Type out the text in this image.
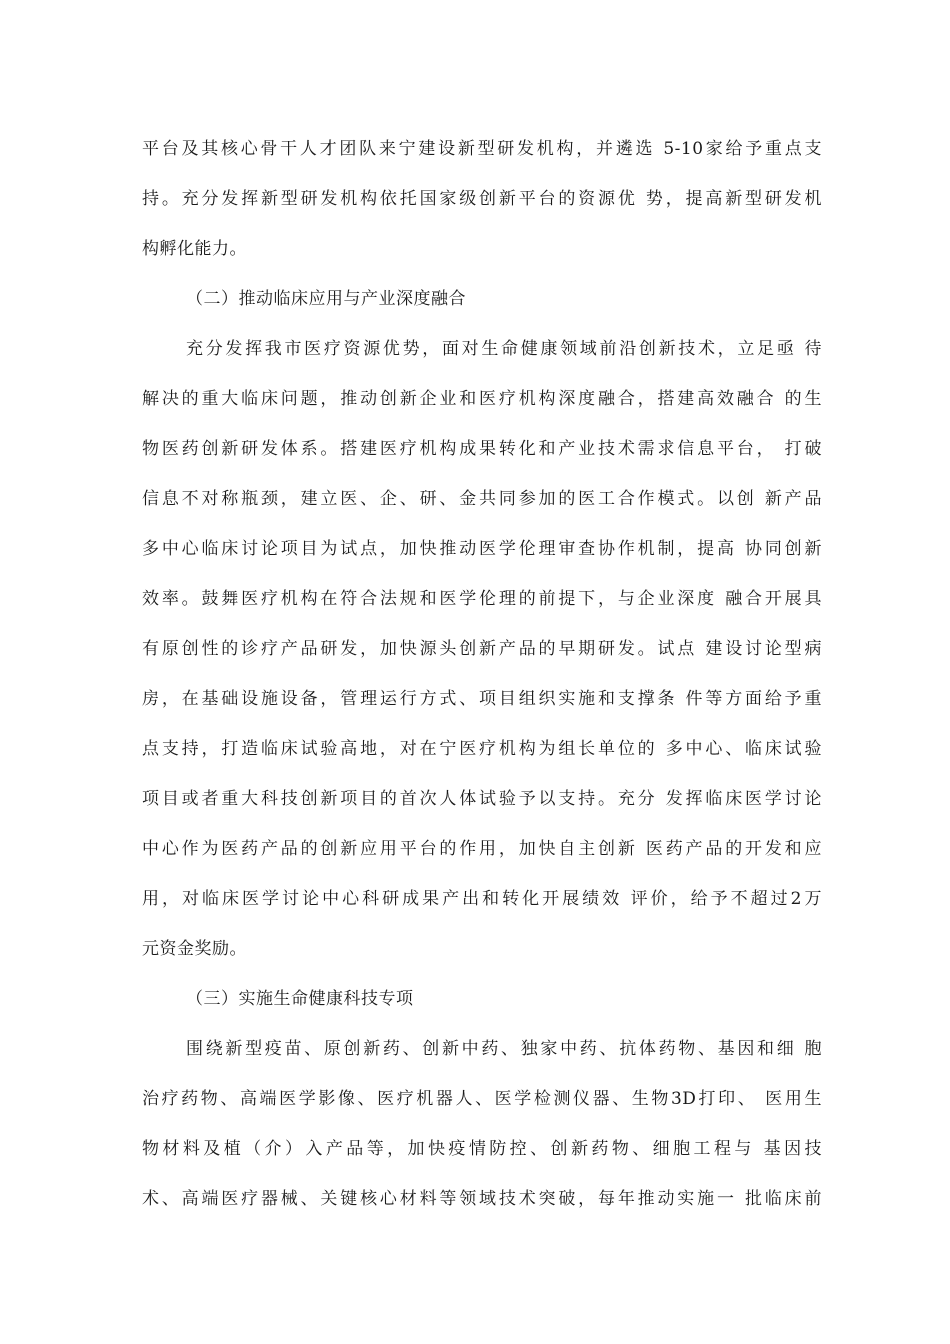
平台及其核心骨干人才团队来宁建设新型研发机构，并遴选 5-10家给予重点支
持。充分发挥新型研发机构依托国家级创新平台的资源优 势，提高新型研发机
构孵化能力。
（二）推动临床应用与产业深度融合
充分发挥我市医疗资源优势，面对生命健康领域前沿创新技术，立足亟 待
解决的重大临床问题，推动创新企业和医疗机构深度融合，搭建高效融合 的生
物医药创新研发体系。搭建医疗机构成果转化和产业技术需求信息平台， 打破
信息不对称瓶颈，建立医、企、研、金共同参加的医工合作模式。以创 新产品
多中心临床讨论项目为试点，加快推动医学伦理审查协作机制，提高 协同创新
效率。鼓舞医疗机构在符合法规和医学伦理的前提下，与企业深度 融合开展具
有原创性的诊疗产品研发，加快源头创新产品的早期研发。试点 建设讨论型病
房，在基础设施设备，管理运行方式、项目组织实施和支撑条 件等方面给予重
点支持，打造临床试验高地，对在宁医疗机构为组长单位的 多中心、临床试验
项目或者重大科技创新项目的首次人体试验予以支持。充分 发挥临床医学讨论
中心作为医药产品的创新应用平台的作用，加快自主创新 医药产品的开发和应
用，对临床医学讨论中心科研成果产出和转化开展绩效 评价，给予不超过2万
元资金奖励。
（三）实施生命健康科技专项
围绕新型疫苗、原创新药、创新中药、独家中药、抗体药物、基因和细 胞
治疗药物、高端医学影像、医疗机器人、医学检测仪器、生物3D打印、 医用生
物材料及植（介）入产品等，加快疫情防控、创新药物、细胞工程与 基因技
术、高端医疗器械、关键核心材料等领域技术突破，每年推动实施一 批临床前
